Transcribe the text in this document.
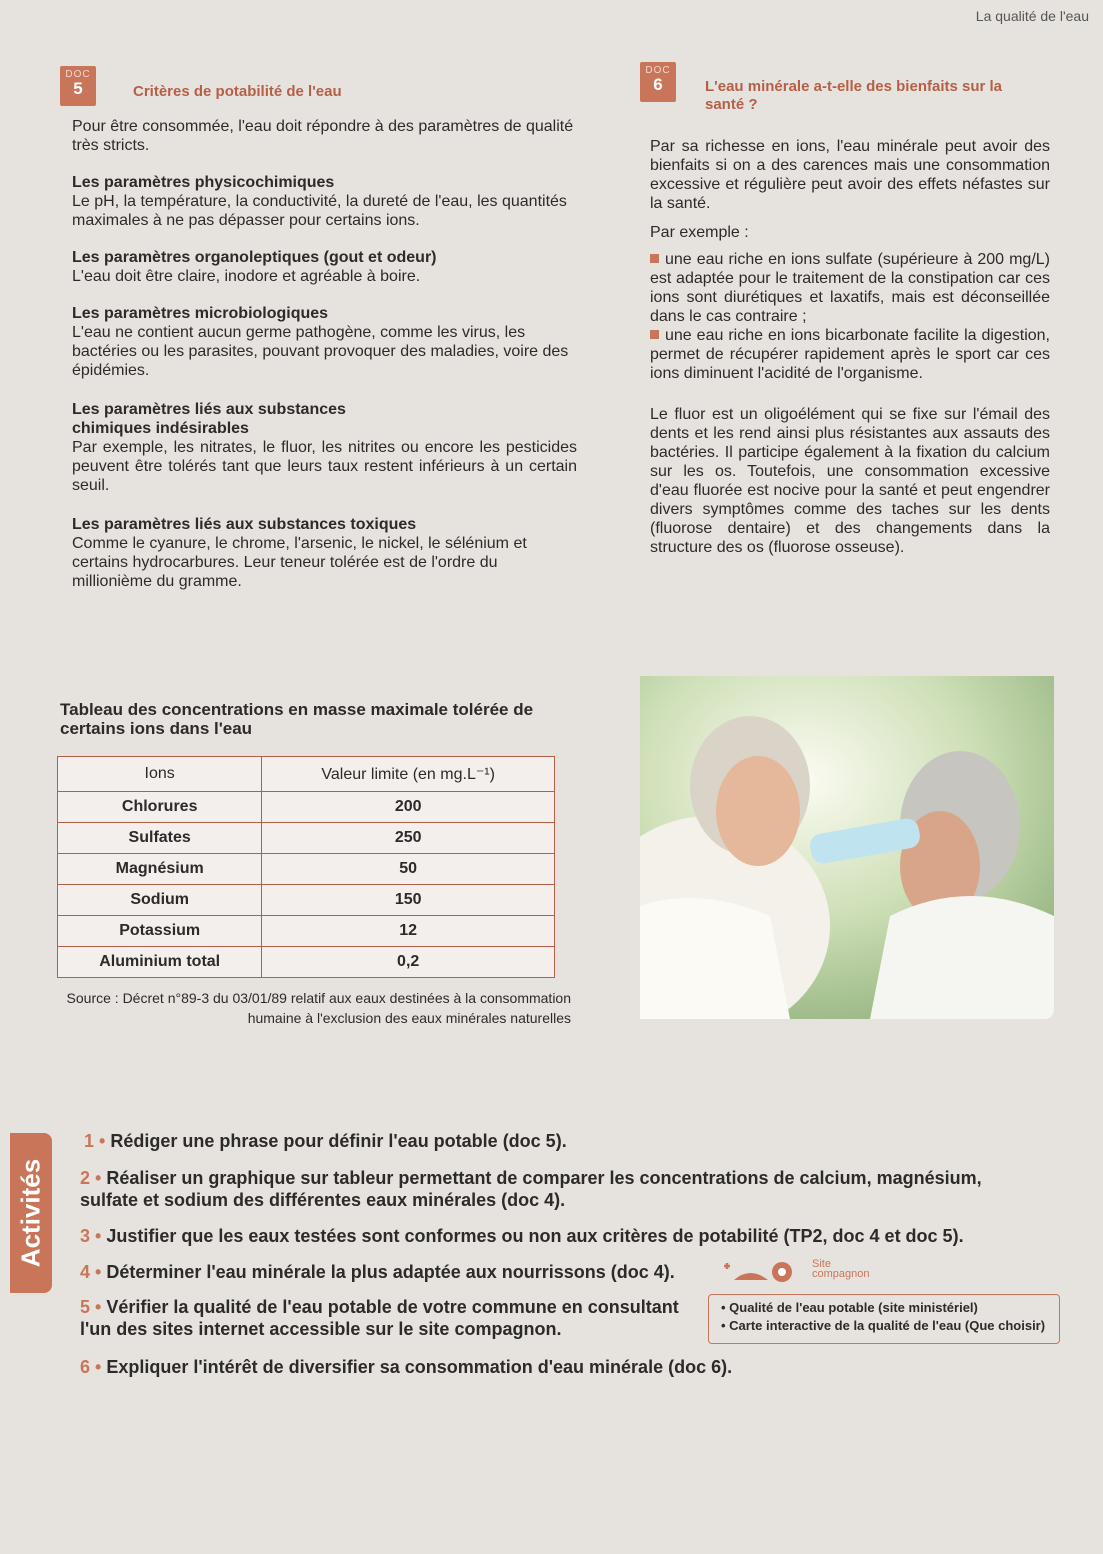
La qualité de l'eau
DOC
5	Critères de potabilité de l'eau
DOC
6	L'eau minérale a-t-elle des bienfaits sur la santé ?

Pour être consommée, l'eau doit répondre à des paramètres de qualité très stricts.

Les paramètres physicochimiques

Le pH, la température, la conductivité, la dureté de l'eau, les quantités maximales à ne pas dépasser pour certains ions.

Les paramètres organoleptiques (gout et odeur)

L'eau doit être claire, inodore et agréable à boire.

Les paramètres microbiologiques

L'eau ne contient aucun germe pathogène, comme les virus, les bactéries ou les parasites, pouvant provoquer des maladies, voire des épidémies.

Les paramètres liés aux substances chimiques indésirables

Par exemple, les nitrates, le fluor, les nitrites ou encore les pesticides peuvent être tolérés tant que leurs taux restent inférieurs à un certain seuil.

Les paramètres liés aux substances toxiques

Comme le cyanure, le chrome, l'arsenic, le nickel, le sélénium et certains hydrocarbures. Leur teneur tolérée est de l'ordre du millionième du gramme.

Tableau des concentrations en masse maximale tolérée de certains ions dans l'eau
Ions	Valeur limite (en mg.L⁻¹)
Chlorures	200
Sulfates	250
Magnésium	50
Sodium	150
Potassium	12
Aluminium total	0,2
Source : Décret n°89-3 du 03/01/89 relatif aux eaux destinées à la consommation humaine à l'exclusion des eaux minérales naturelles

Par sa richesse en ions, l'eau minérale peut avoir des bienfaits si on a des carences mais une consommation excessive et régulière peut avoir des effets néfastes sur la santé.

Par exemple :

une eau riche en ions sulfate (supérieure à 200 mg/L) est adaptée pour le traitement de la constipation car ces ions sont diurétiques et laxatifs, mais est déconseillée dans le cas contraire ;

une eau riche en ions bicarbonate facilite la digestion, permet de récupérer rapidement après le sport car ces ions diminuent l'acidité de l'organisme.

Le fluor est un oligoélément qui se fixe sur l'émail des dents et les rend ainsi plus résistantes aux assauts des bactéries. Il participe également à la fixation du calcium sur les os. Toutefois, une consommation excessive d'eau fluorée est nocive pour la santé et peut engendrer divers symptômes comme des taches sur les dents (fluorose dentaire) et des changements dans la structure des os (fluorose osseuse).

Activités
1 • Rédiger une phrase pour définir l'eau potable (doc 5).
2 • Réaliser un graphique sur tableur permettant de comparer les concentrations de calcium, magnésium, sulfate et sodium des différentes eaux minérales (doc 4).
3 • Justifier que les eaux testées sont conformes ou non aux critères de potabilité (TP2, doc 4 et doc 5).
4 • Déterminer l'eau minérale la plus adaptée aux nourrissons (doc 4).	Site compagnon
5 • Vérifier la qualité de l'eau potable de votre commune en consultant l'un des sites internet accessible sur le site compagnon.
• Qualité de l'eau potable (site ministériel)
• Carte interactive de la qualité de l'eau (Que choisir)
6 • Expliquer l'intérêt de diversifier sa consommation d'eau minérale (doc 6).
